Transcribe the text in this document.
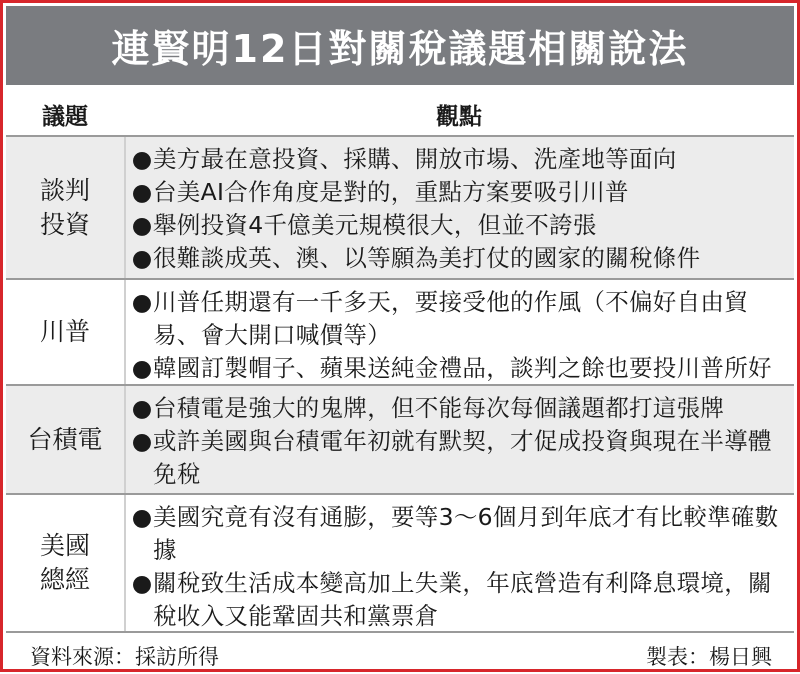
連賢明12日對關稅議題相關說法
議題	觀點
談判
投資
●美方最在意投資、採購、開放市場、洗產地等面向
●台美AI合作角度是對的，重點方案要吸引川普
●舉例投資4千億美元規模很大，但並不誇張
●很難談成英、澳、以等願為美打仗的國家的關稅條件
川普
●川普任期還有一千多天，要接受他的作風（不偏好自由貿易、會大開口喊價等）
●韓國訂製帽子、蘋果送純金禮品，談判之餘也要投川普所好
台積電
●台積電是強大的鬼牌，但不能每次每個議題都打這張牌
●或許美國與台積電年初就有默契，才促成投資與現在半導體免稅
美國
總經
●美國究竟有沒有通膨，要等3～6個月到年底才有比較準確數據
●關稅致生活成本變高加上失業，年底營造有利降息環境，關稅收入又能鞏固共和黨票倉
資料來源：採訪所得	製表：楊日興
